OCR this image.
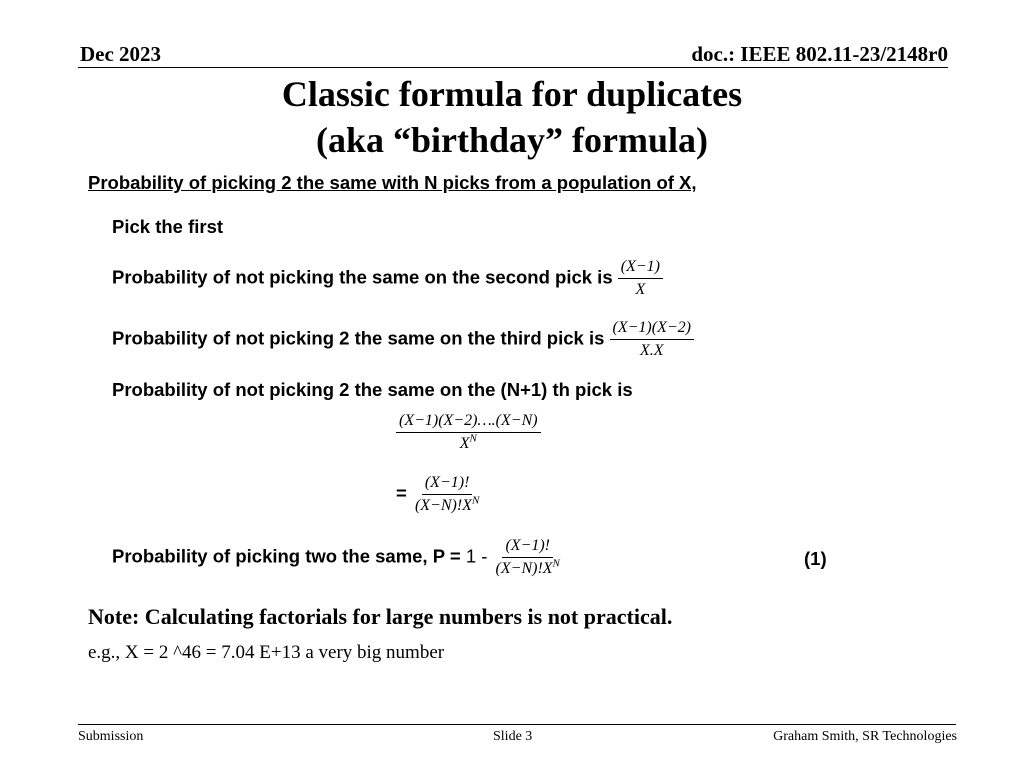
Dec 2023	doc.: IEEE 802.11-23/2148r0
Classic formula for duplicates
(aka “birthday” formula)
Probability of picking 2 the same with N picks from a population of X,
Pick the first
Probability of not picking the same on the second pick is $\frac{(X-1)}{X}$
Probability of not picking 2 the same on the third pick is $\frac{(X-1)(X-2)}{X.X}$
Probability of not picking 2 the same on the (N+1) th pick is
$\frac{(X-1)(X-2)\dots.(X-N)}{X^N}$
= $\frac{(X-1)!}{(X-N)!X^N}$
Probability of picking two the same, $P = 1 - \frac{(X-1)!}{(X-N)!X^N}$	(1)
Note: Calculating factorials for large numbers is not practical.
e.g., X = 2 ^46 = 7.04 E+13 a very big number
Submission	Slide 3	Graham Smith, SR Technologies
